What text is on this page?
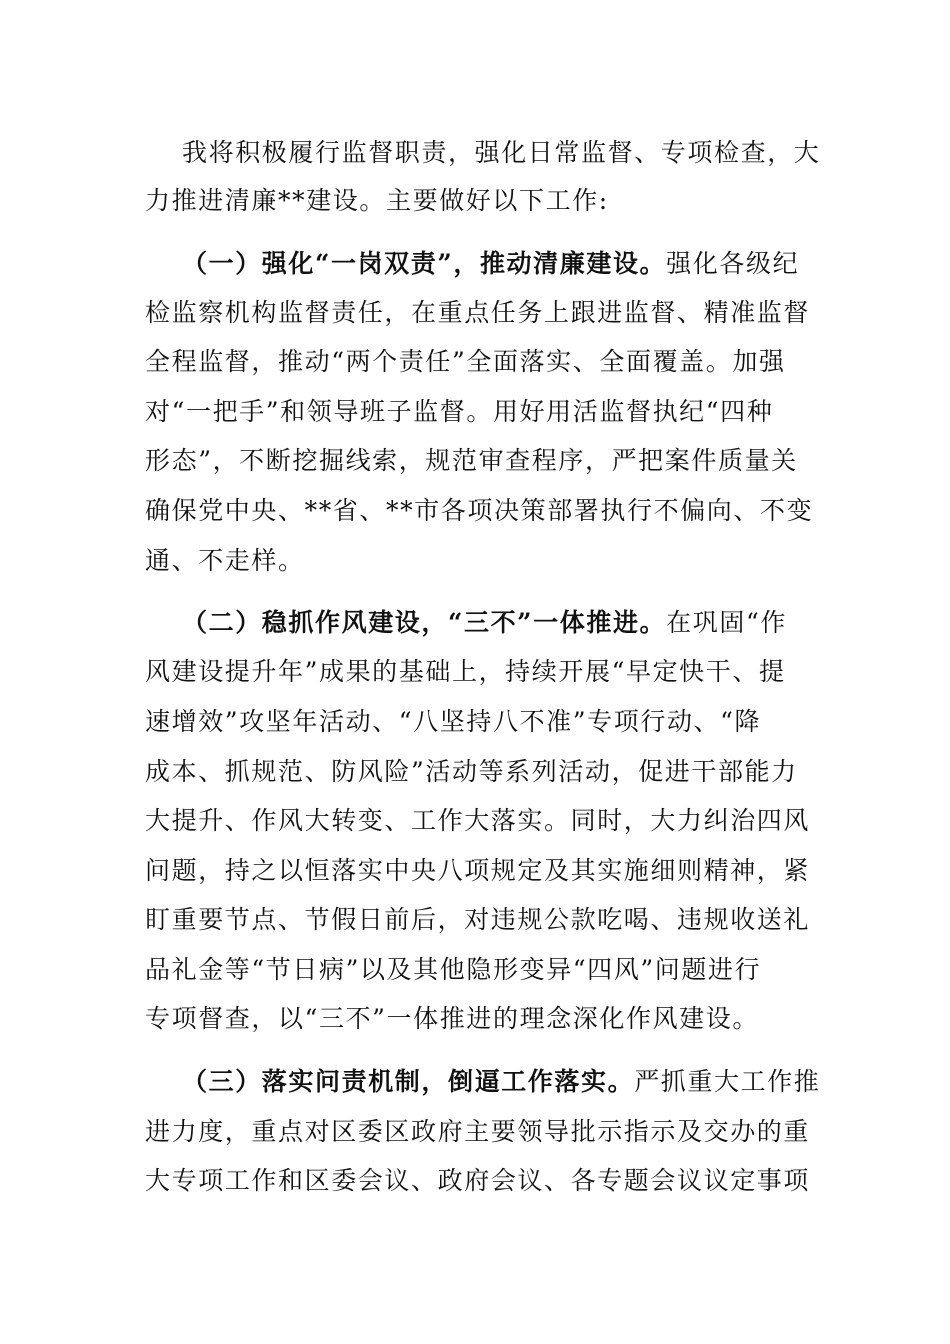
我将积极履行监督职责，强化日常监督、专项检查，大

力推进清廉**建设。主要做好以下工作:

（一）强化“一岗双责”，推动清廉建设。强化各级纪

检监察机构监督责任，在重点任务上跟进监督、精准监督

全程监督，推动“两个责任”全面落实、全面覆盖。加强

对“一把手”和领导班子监督。用好用活监督执纪“四种

形态”，不断挖掘线索，规范审查程序，严把案件质量关

确保党中央、**省、**市各项决策部署执行不偏向、不变

通、不走样。

（二）稳抓作风建设，“三不”一体推进。在巩固“作

风建设提升年”成果的基础上，持续开展“早定快干、提

速增效”攻坚年活动、“八坚持八不准”专项行动、“降

成本、抓规范、防风险”活动等系列活动，促进干部能力

大提升、作风大转变、工作大落实。同时，大力纠治四风

问题，持之以恒落实中央八项规定及其实施细则精神，紧

盯重要节点、节假日前后，对违规公款吃喝、违规收送礼

品礼金等“节日病”以及其他隐形变异“四风”问题进行

专项督查，以“三不”一体推进的理念深化作风建设。

（三）落实问责机制，倒逼工作落实。严抓重大工作推

进力度，重点对区委区政府主要领导批示指示及交办的重

大专项工作和区委会议、政府会议、各专题会议议定事项
